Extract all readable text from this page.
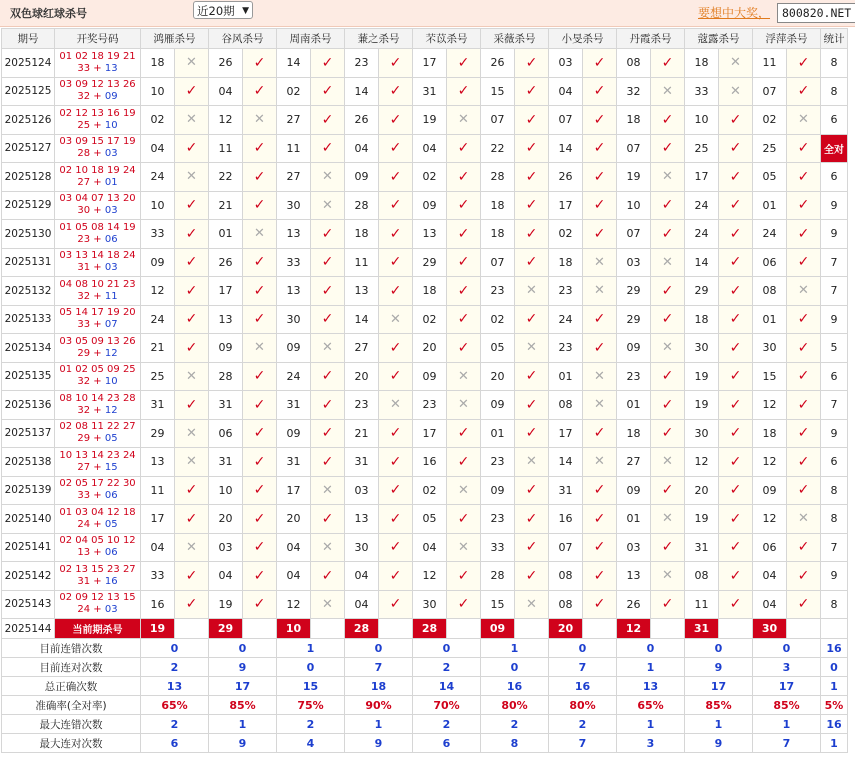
双色球红球杀号	近20期 ▼	要想中大奖，	800820.NET
期号	开奖号码	鸿雁杀号		谷风杀号		周南杀号		蒹之杀号		芣苡杀号		采薇杀号		小旻杀号		丹霞杀号		蔻露杀号		浮萍杀号		统计
2025124	01 02 18 19 21 33 + 13	18	✕	26	✓	14	✓	23	✓	17	✓	26	✓	03	✓	08	✓	18	✕	11	✓	8
2025125	03 09 12 13 26 32 + 09	10	✓	04	✓	02	✓	14	✓	31	✓	15	✓	04	✓	32	✕	33	✕	07	✓	8
2025126	02 12 13 16 19 25 + 10	02	✕	12	✕	27	✓	26	✓	19	✕	07	✓	07	✓	18	✓	10	✓	02	✕	6
2025127	03 09 15 17 19 28 + 03	04	✓	11	✓	11	✓	04	✓	04	✓	22	✓	14	✓	07	✓	25	✓	25	✓	全对
2025128	02 10 18 19 24 27 + 01	24	✕	22	✓	27	✕	09	✓	02	✓	28	✓	26	✓	19	✕	17	✓	05	✓	6
2025129	03 04 07 13 20 30 + 03	10	✓	21	✓	30	✕	28	✓	09	✓	18	✓	17	✓	10	✓	24	✓	01	✓	9
2025130	01 05 08 14 19 23 + 06	33	✓	01	✕	13	✓	18	✓	13	✓	18	✓	02	✓	07	✓	24	✓	24	✓	9
2025131	03 13 14 18 24 31 + 03	09	✓	26	✓	33	✓	11	✓	29	✓	07	✓	18	✕	03	✕	14	✓	06	✓	7
2025132	04 08 10 21 23 32 + 11	12	✓	17	✓	13	✓	13	✓	18	✓	23	✕	23	✕	29	✓	29	✓	08	✕	7
2025133	05 14 17 19 20 33 + 07	24	✓	13	✓	30	✓	14	✕	02	✓	02	✓	24	✓	29	✓	18	✓	01	✓	9
2025134	03 05 09 13 26 29 + 12	21	✓	09	✕	09	✕	27	✓	20	✓	05	✕	23	✓	09	✕	30	✓	30	✓	5
2025135	01 02 05 09 25 32 + 10	25	✕	28	✓	24	✓	20	✓	09	✕	20	✓	01	✕	23	✓	19	✓	15	✓	6
2025136	08 10 14 23 28 32 + 12	31	✓	31	✓	31	✓	23	✕	23	✕	09	✓	08	✕	01	✓	19	✓	12	✓	7
2025137	02 08 11 22 27 29 + 05	29	✕	06	✓	09	✓	21	✓	17	✓	01	✓	17	✓	18	✓	30	✓	18	✓	9
2025138	10 13 14 23 24 27 + 15	13	✕	31	✓	31	✓	31	✓	16	✓	23	✕	14	✕	27	✕	12	✓	12	✓	6
2025139	02 05 17 22 30 33 + 06	11	✓	10	✓	17	✕	03	✓	02	✕	09	✓	31	✓	09	✓	20	✓	09	✓	8
2025140	01 03 04 12 18 24 + 05	17	✓	20	✓	20	✓	13	✓	05	✓	23	✓	16	✓	01	✕	19	✓	12	✕	8
2025141	02 04 05 10 12 13 + 06	04	✕	03	✓	04	✕	30	✓	04	✕	33	✓	07	✓	03	✓	31	✓	06	✓	7
2025142	02 13 15 23 27 31 + 16	33	✓	04	✓	04	✓	04	✓	12	✓	28	✓	08	✓	13	✕	08	✓	04	✓	9
2025143	02 09 12 13 15 24 + 03	16	✓	19	✓	12	✕	04	✓	30	✓	15	✕	08	✓	26	✓	11	✓	04	✓	8
2025144	当前期杀号	19		29		10		28		28		09		20		12		31		30		
目前连错次数		0		0		1		0		0		1		0		0		0		0		16
目前连对次数		2		9		0		7		2		0		7		1		9		3		0
总正确次数		13		17		15		18		14		16		16		13		17		17		1
准确率(全对率)		65%		85%		75%		90%		70%		80%		80%		65%		85%		85%		5%
最大连错次数		2		1		2		1		2		2		2		1		1		1		16
最大连对次数		6		9		4		9		6		8		7		3		9		7		1
